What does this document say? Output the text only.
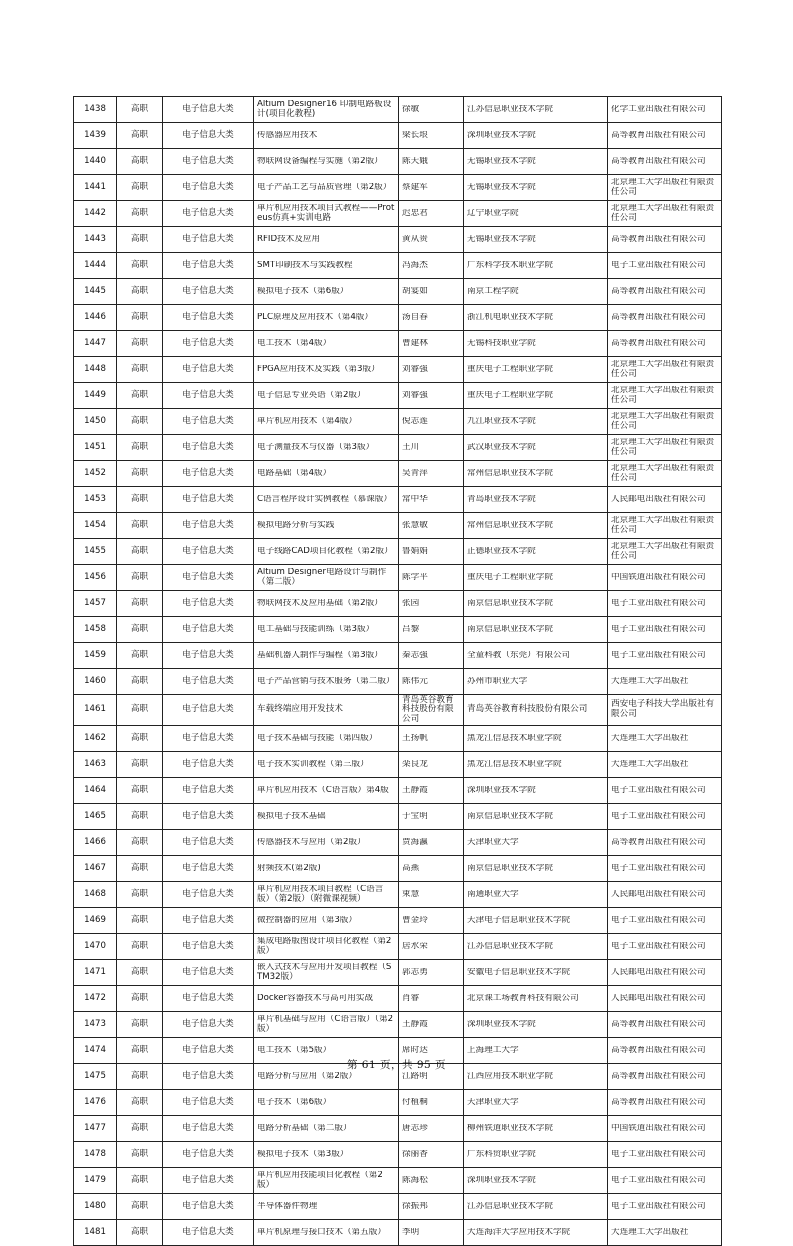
1438	高职	电子信息大类	Altium Designer16 印制电路板设计(项目化教程)	徐敏	江苏信息职业技术学院	化学工业出版社有限公司

1439	高职	电子信息大类	传感器应用技术	梁长垠	深圳职业技术学院	高等教育出版社有限公司

1440	高职	电子信息大类	物联网设备编程与实施（第2版）	陈天娥	无锡职业技术学院	高等教育出版社有限公司

1441	高职	电子信息大类	电子产品工艺与品质管理（第2版）	蔡建军	无锡职业技术学院	北京理工大学出版社有限责任公司

1442	高职	电子信息大类	单片机应用技术项目式教程——Proteus仿真+实训电路	迟忠君	辽宁职业学院	北京理工大学出版社有限责任公司

1443	高职	电子信息大类	RFID技术及应用	黄从贵	无锡职业技术学院	高等教育出版社有限公司

1444	高职	电子信息大类	SMT印刷技术与实践教程	冯海杰	广东科学技术职业学院	电子工业出版社有限公司

1445	高职	电子信息大类	模拟电子技术（第6版）	胡宴如	南京工程学院	高等教育出版社有限公司

1446	高职	电子信息大类	PLC原理及应用技术（第4版）	汤自春	浙江机电职业技术学院	高等教育出版社有限公司

1447	高职	电子信息大类	电工技术（第4版）	曹建林	无锡科技职业学院	高等教育出版社有限公司

1448	高职	电子信息大类	FPGA应用技术及实践（第3版）	刘睿强	重庆电子工程职业学院	北京理工大学出版社有限责任公司

1449	高职	电子信息大类	电子信息专业英语（第2版）	刘睿强	重庆电子工程职业学院	北京理工大学出版社有限责任公司

1450	高职	电子信息大类	单片机应用技术（第4版）	倪志莲	九江职业技术学院	北京理工大学出版社有限责任公司

1451	高职	电子信息大类	电子测量技术与仪器（第3版）	王川	武汉职业技术学院	北京理工大学出版社有限责任公司

1452	高职	电子信息大类	电路基础（第4版）	吴青萍	常州信息职业技术学院	北京理工大学出版社有限责任公司

1453	高职	电子信息大类	C语言程序设计实例教程（慕课版）	常中华	青岛职业技术学院	人民邮电出版社有限公司

1454	高职	电子信息大类	模拟电路分析与实践	张慧敏	常州信息职业技术学院	北京理工大学出版社有限责任公司

1455	高职	电子信息大类	电子线路CAD项目化教程（第2版）	鲁娟娟	正德职业技术学院	北京理工大学出版社有限责任公司

1456	高职	电子信息大类	Altium Designer电路设计与制作（第二版）	陈学平	重庆电子工程职业学院	中国铁道出版社有限公司

1457	高职	电子信息大类	物联网技术及应用基础（第2版）	张园	南京信息职业技术学院	电子工业出版社有限公司

1458	高职	电子信息大类	电工基础与技能训练（第3版）	吕黎	南京信息职业技术学院	电子工业出版社有限公司

1459	高职	电子信息大类	基础机器人制作与编程（第3版）	秦志强	全童科教（东莞）有限公司	电子工业出版社有限公司

1460	高职	电子信息大类	电子产品营销与技术服务（第二版）	陈伟元	苏州市职业大学	大连理工大学出版社

1461	高职	电子信息大类	车载终端应用开发技术	青岛英谷教育科技股份有限公司	青岛英谷教育科技股份有限公司	西安电子科技大学出版社有限公司
1462	高职	电子信息大类	电子技术基础与技能（第四版）	王扬帆	黑龙江信息技术职业学院	大连理工大学出版社

1463	高职	电子信息大类	电子技术实训教程（第三版）	栾良龙	黑龙江信息技术职业学院	大连理工大学出版社

1464	高职	电子信息大类	单片机应用技术（C语言版）第4版	王静霞	深圳职业技术学院	电子工业出版社有限公司

1465	高职	电子信息大类	模拟电子技术基础	于宝明	南京信息职业技术学院	电子工业出版社有限公司

1466	高职	电子信息大类	传感器技术与应用（第2版）	贾海瀛	天津职业大学	高等教育出版社有限公司

1467	高职	电子信息大类	射频技术(第2版)	高燕	南京信息职业技术学院	电子工业出版社有限公司

1468	高职	电子信息大类	单片机应用技术项目教程（C语言版）（第2版）（附微课视频）	束慧	南通职业大学	人民邮电出版社有限公司

1469	高职	电子信息大类	微控制器的应用（第3版）	曹金玲	天津电子信息职业技术学院	电子工业出版社有限公司

1470	高职	电子信息大类	集成电路版图设计项目化教程（第2版）	居水荣	江苏信息职业技术学院	电子工业出版社有限公司

1471	高职	电子信息大类	嵌入式技术与应用开发项目教程（STM32版）	郭志勇	安徽电子信息职业技术学院	人民邮电出版社有限公司

1472	高职	电子信息大类	Docker容器技术与高可用实战	肖睿	北京课工场教育科技有限公司	人民邮电出版社有限公司

1473	高职	电子信息大类	单片机基础与应用（C语言版）（第2版）	王静霞	深圳职业技术学院	高等教育出版社有限公司

1474	高职	电子信息大类	电工技术（第5版）	席时达	上海理工大学	高等教育出版社有限公司

1475	高职	电子信息大类	电路分析与应用（第2版）	江路明	江西应用技术职业学院	高等教育出版社有限公司

1476	高职	电子信息大类	电子技术（第6版）	付植桐	天津职业大学	高等教育出版社有限公司

1477	高职	电子信息大类	电路分析基础（第二版）	唐志珍	柳州铁道职业技术学院	中国铁道出版社有限公司

1478	高职	电子信息大类	模拟电子技术（第3版）	徐丽香	广东科贸职业学院	电子工业出版社有限公司

1479	高职	电子信息大类	单片机应用技能项目化教程（第2版）	陈海松	深圳职业技术学院	电子工业出版社有限公司

1480	高职	电子信息大类	半导体器件物理	徐振邦	江苏信息职业技术学院	电子工业出版社有限公司

1481	高职	电子信息大类	单片机原理与接口技术（第五版）	李明	大连海洋大学应用技术学院	大连理工大学出版社
第 61 页，共 95 页
